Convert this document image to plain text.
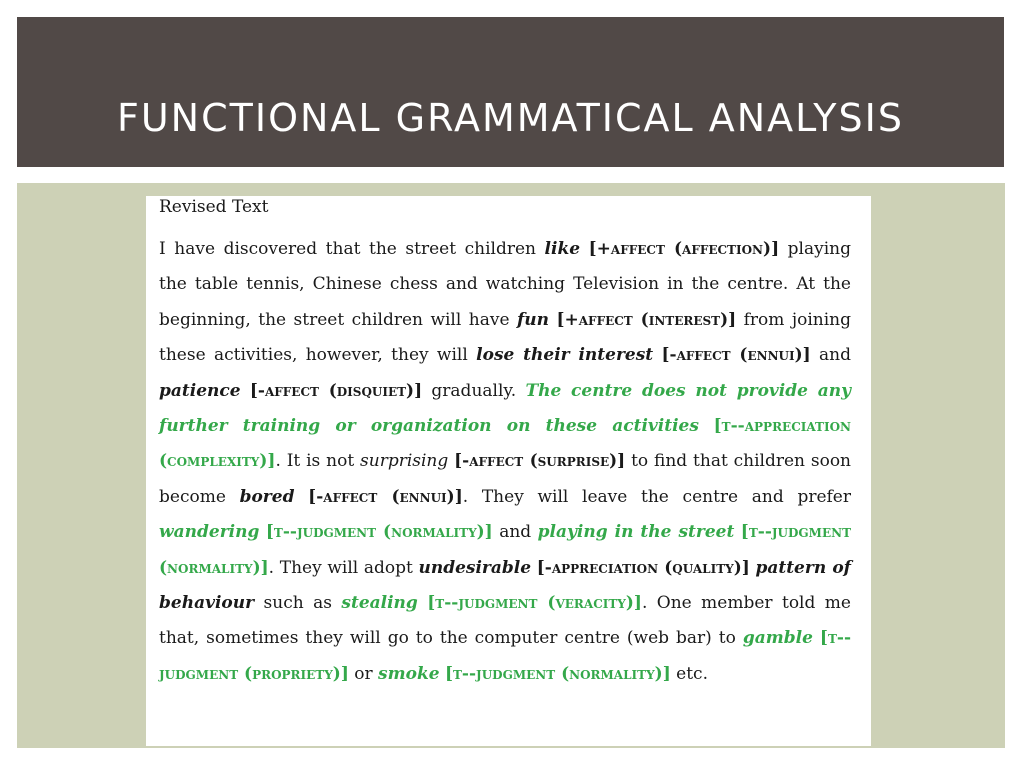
FUNCTIONAL GRAMMATICAL ANALYSIS

Revised Text

I have discovered that the street children like [+affect (affection)] playing the table tennis, Chinese chess and watching Television in the centre. At the beginning, the street children will have fun [+affect (interest)] from joining these activities, however, they will lose their interest [-affect (ennui)] and patience [-affect (disquiet)] gradually. The centre does not provide any further training or organization on these activities [t--appreciation (complexity)]. It is not surprising [-affect (surprise)] to find that children soon become bored [-affect (ennui)]. They will leave the centre and prefer wandering [t--judgment (normality)] and playing in the street [t--judgment (normality)]. They will adopt undesirable [-appreciation (quality)] pattern of behaviour such as stealing [t--judgment (veracity)]. One member told me that, sometimes they will go to the computer centre (web bar) to gamble [t--judgment (propriety)] or smoke [t--judgment (normality)] etc.
